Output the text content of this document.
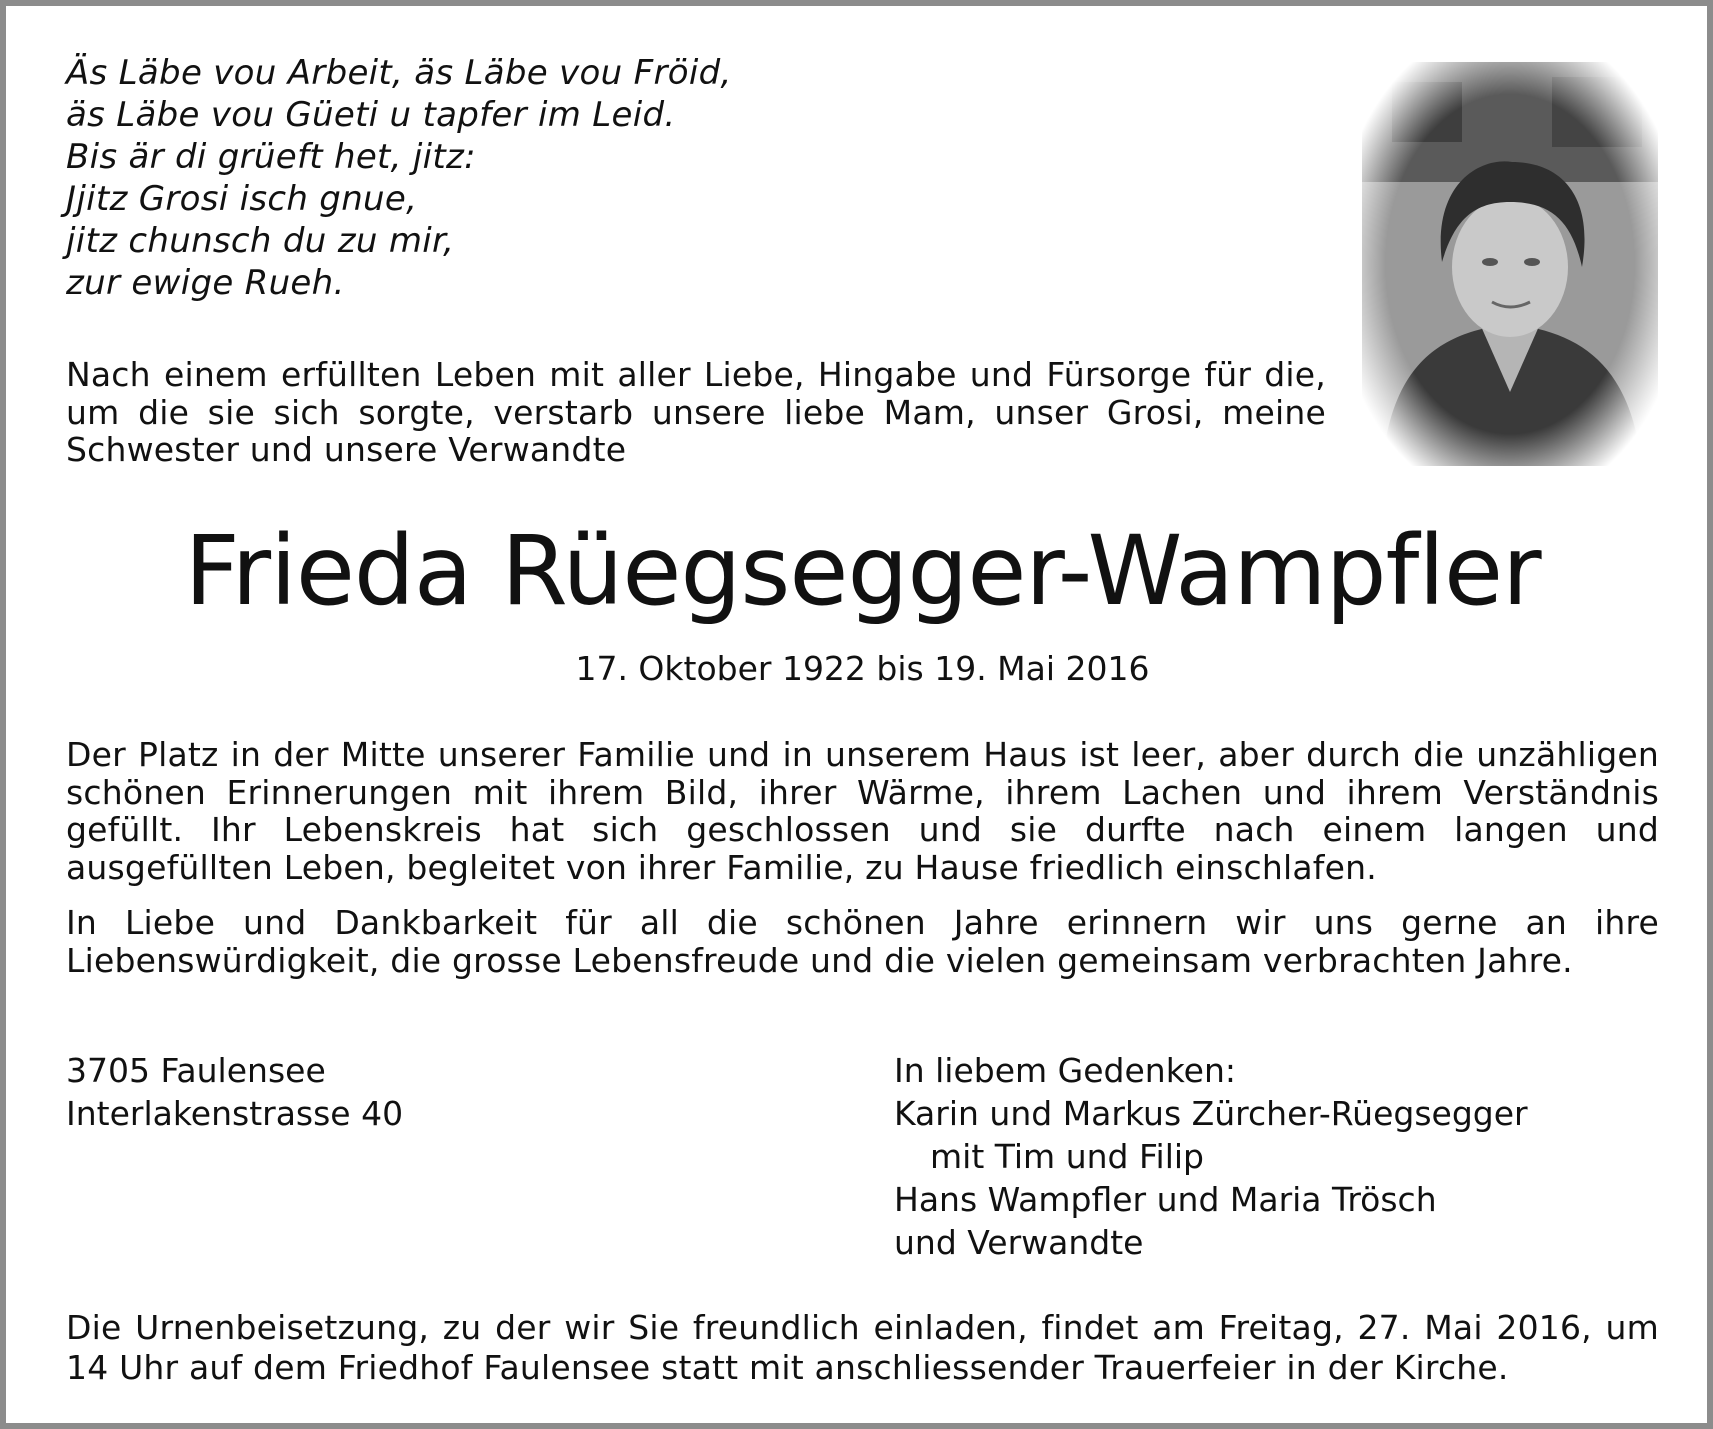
Äs Läbe vou Arbeit, äs Läbe vou Fröid,
äs Läbe vou Güeti u tapfer im Leid.
Bis är di grüeft het, jitz:
Jjitz Grosi isch gnue,
jitz chunsch du zu mir,
zur ewige Rueh.
Nach einem erfüllten Leben mit aller Liebe, Hingabe und Fürsorge für die, um die sie sich sorgte, verstarb unsere liebe Mam, unser Grosi, meine Schwester und unsere Verwandte
Frieda Rüegsegger-Wampfler
17. Oktober 1922 bis 19. Mai 2016

Der Platz in der Mitte unserer Familie und in unserem Haus ist leer, aber durch die unzähligen schönen Erinnerungen mit ihrem Bild, ihrer Wärme, ihrem Lachen und ihrem Verständnis gefüllt. Ihr Lebenskreis hat sich geschlossen und sie durfte nach einem langen und ausgefüllten Leben, begleitet von ihrer Familie, zu Hause friedlich einschlafen.

In Liebe und Dankbarkeit für all die schönen Jahre erinnern wir uns gerne an ihre Liebenswürdigkeit, die grosse Lebensfreude und die vielen gemeinsam verbrachten Jahre.

3705 Faulensee
Interlakenstrasse 40
In liebem Gedenken:
Karin und Markus Zürcher-Rüegsegger
mit Tim und Filip
Hans Wampfler und Maria Trösch
und Verwandte
Die Urnenbeisetzung, zu der wir Sie freundlich einladen, findet am Freitag, 27. Mai 2016, um 14 Uhr auf dem Friedhof Faulensee statt mit anschliessender Trauerfeier in der Kirche.
